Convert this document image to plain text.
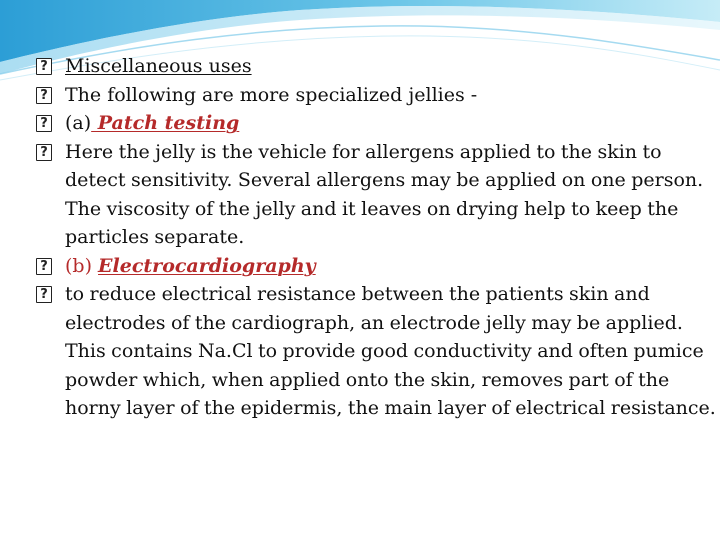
? Miscellaneous uses
? The following are more specialized jellies -
? (a) Patch testing
? Here the jelly is the vehicle for allergens applied to the skin to detect sensitivity. Several allergens may be applied on one person. The viscosity of the jelly and it leaves on drying help to keep the particles separate.
? (b) Electrocardiography
? to reduce electrical resistance between the patients skin and electrodes of the cardiograph, an electrode jelly may be applied. This contains Na.Cl to provide good conductivity and often pumice powder which, when applied onto the skin, removes part of the horny layer of the epidermis, the main layer of electrical resistance.
